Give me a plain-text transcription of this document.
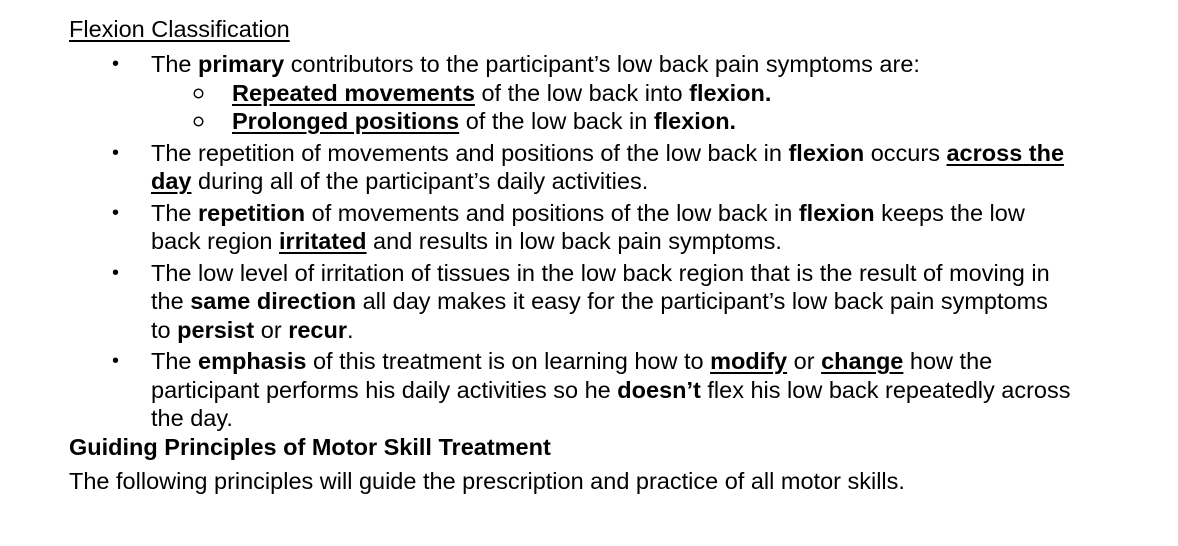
Flexion Classification
• The primary contributors to the participant’s low back pain symptoms are:
Repeated movements of the low back into flexion.
Prolonged positions of the low back in flexion.
• The repetition of movements and positions of the low back in flexion occurs across the
day during all of the participant’s daily activities.
• The repetition of movements and positions of the low back in flexion keeps the low
back region irritated and results in low back pain symptoms.
• The low level of irritation of tissues in the low back region that is the result of moving in
the same direction all day makes it easy for the participant’s low back pain symptoms
to persist or recur.
• The emphasis of this treatment is on learning how to modify or change how the
participant performs his daily activities so he doesn’t flex his low back repeatedly across
the day.
Guiding Principles of Motor Skill Treatment
The following principles will guide the prescription and practice of all motor skills.
